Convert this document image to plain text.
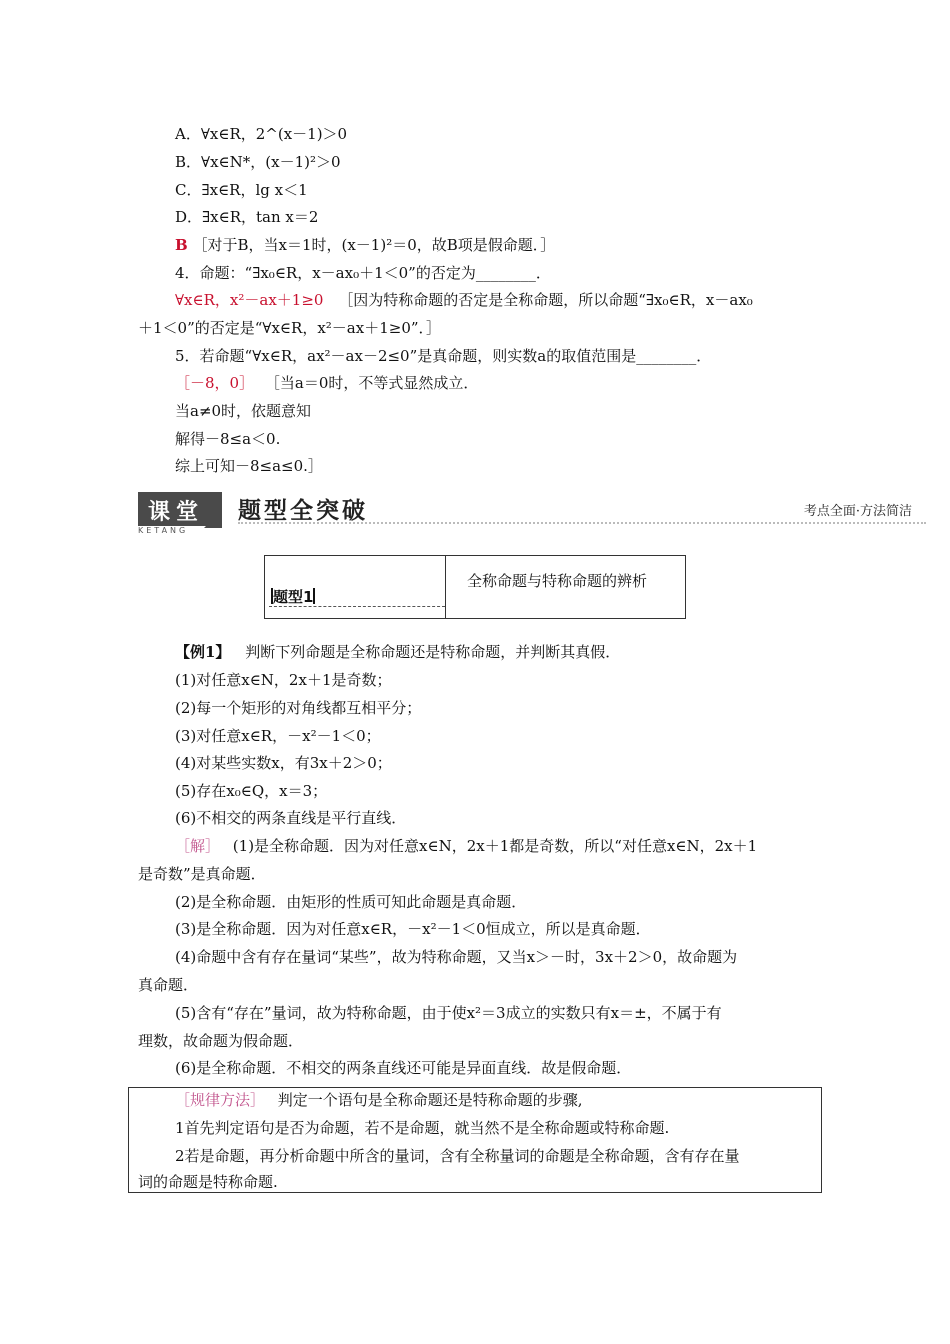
A．∀x∈R，2^(x－1)＞0
B．∀x∈N*，(x－1)²＞0
C．∃x∈R，lg x＜1
D．∃x∈R，tan x＝2
B ［对于B，当x＝1时，(x－1)²＝0，故B项是假命题．］
4．命题：“∃x₀∈R，x－ax₀＋1＜0”的否定为________．
∀x∈R，x²－ax＋1≥0 ［因为特称命题的否定是全称命题，所以命题“∃x₀∈R，x－ax₀
＋1＜0”的否定是“∀x∈R，x²－ax＋1≥0”．］
5．若命题“∀x∈R，ax²－ax－2≤0”是真命题，则实数a的取值范围是________．
［－8，0］ ［当a＝0时，不等式显然成立．
当a≠0时，依题意知
解得－8≤a＜0.
综上可知－8≤a≤0.］
课堂
KETANG
题型全突破	考点全面·方法简洁
题型1
全称命题与特称命题的辨析
【例1】 判断下列命题是全称命题还是特称命题，并判断其真假．
(1)对任意x∈N，2x＋1是奇数；
(2)每一个矩形的对角线都互相平分；
(3)对任意x∈R，－x²－1＜0；
(4)对某些实数x，有3x＋2＞0；
(5)存在x₀∈Q，x＝3；
(6)不相交的两条直线是平行直线．
［解］ (1)是全称命题．因为对任意x∈N，2x＋1都是奇数，所以“对任意x∈N，2x＋1
是奇数”是真命题．
(2)是全称命题．由矩形的性质可知此命题是真命题．
(3)是全称命题．因为对任意x∈R，－x²－1＜0恒成立，所以是真命题．
(4)命题中含有存在量词“某些”，故为特称命题，又当x＞－时，3x＋2＞0，故命题为
真命题．
(5)含有“存在”量词，故为特称命题，由于使x²＝3成立的实数只有x＝±，不属于有
理数，故命题为假命题．
(6)是全称命题．不相交的两条直线还可能是异面直线．故是假命题．
［规律方法］ 判定一个语句是全称命题还是特称命题的步骤,
1首先判定语句是否为命题，若不是命题，就当然不是全称命题或特称命题.
2若是命题，再分析命题中所含的量词，含有全称量词的命题是全称命题，含有存在量
词的命题是特称命题.
